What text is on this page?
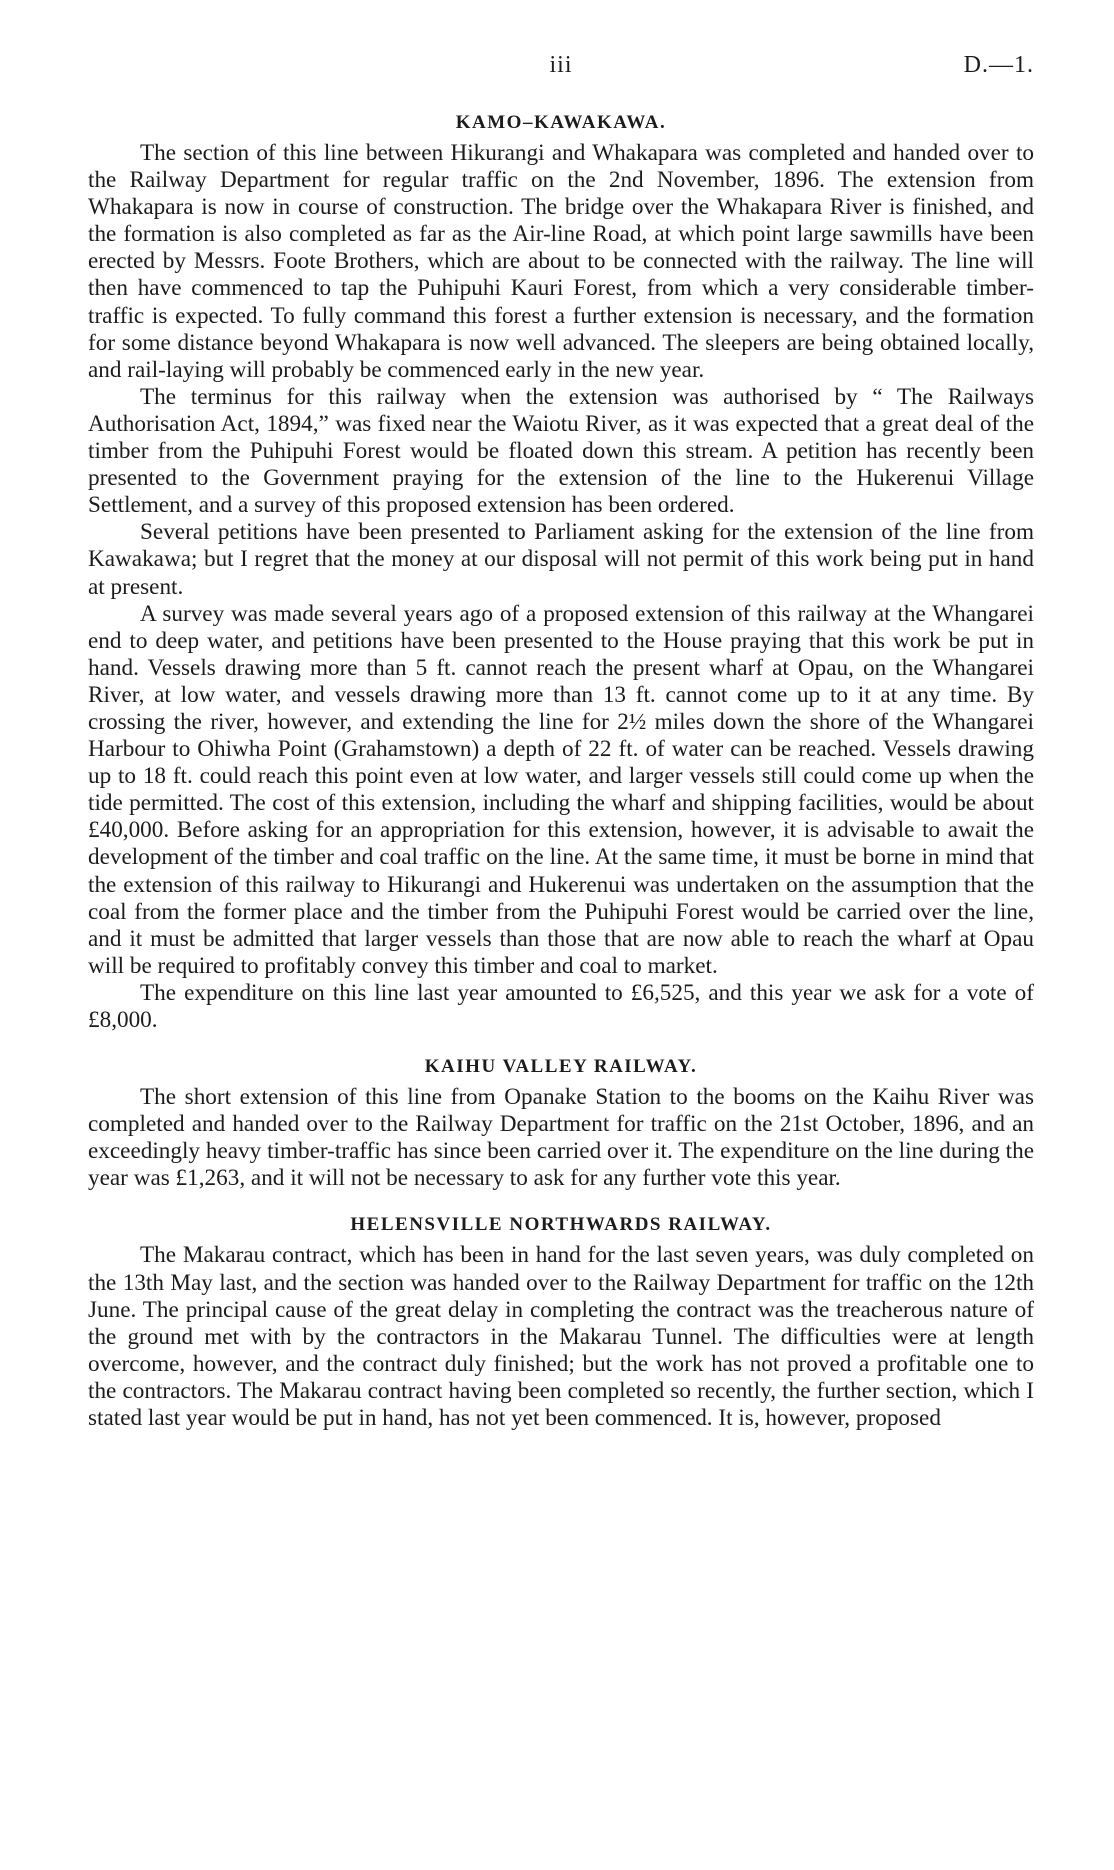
iii	D.—1.
KAMO–KAWAKAWA.

The section of this line between Hikurangi and Whakapara was completed and handed over to the Railway Department for regular traffic on the 2nd November, 1896. The extension from Whakapara is now in course of construction. The bridge over the Whakapara River is finished, and the formation is also completed as far as the Air-line Road, at which point large sawmills have been erected by Messrs. Foote Brothers, which are about to be connected with the railway. The line will then have commenced to tap the Puhipuhi Kauri Forest, from which a very considerable timber-traffic is expected. To fully command this forest a further extension is necessary, and the formation for some distance beyond Whakapara is now well advanced. The sleepers are being obtained locally, and rail-laying will probably be commenced early in the new year.

The terminus for this railway when the extension was authorised by “ The Railways Authorisation Act, 1894,” was fixed near the Waiotu River, as it was expected that a great deal of the timber from the Puhipuhi Forest would be floated down this stream. A petition has recently been presented to the Government praying for the extension of the line to the Hukerenui Village Settlement, and a survey of this proposed extension has been ordered.

Several petitions have been presented to Parliament asking for the extension of the line from Kawakawa; but I regret that the money at our disposal will not permit of this work being put in hand at present.

A survey was made several years ago of a proposed extension of this railway at the Whangarei end to deep water, and petitions have been presented to the House praying that this work be put in hand. Vessels drawing more than 5 ft. cannot reach the present wharf at Opau, on the Whangarei River, at low water, and vessels drawing more than 13 ft. cannot come up to it at any time. By crossing the river, however, and extending the line for 2½ miles down the shore of the Whangarei Harbour to Ohiwha Point (Grahamstown) a depth of 22 ft. of water can be reached. Vessels drawing up to 18 ft. could reach this point even at low water, and larger vessels still could come up when the tide permitted. The cost of this extension, including the wharf and shipping facilities, would be about £40,000. Before asking for an appropriation for this extension, however, it is advisable to await the development of the timber and coal traffic on the line. At the same time, it must be borne in mind that the extension of this railway to Hikurangi and Hukerenui was undertaken on the assumption that the coal from the former place and the timber from the Puhipuhi Forest would be carried over the line, and it must be admitted that larger vessels than those that are now able to reach the wharf at Opau will be required to profitably convey this timber and coal to market.

The expenditure on this line last year amounted to £6,525, and this year we ask for a vote of £8,000.

KAIHU VALLEY RAILWAY.

The short extension of this line from Opanake Station to the booms on the Kaihu River was completed and handed over to the Railway Department for traffic on the 21st October, 1896, and an exceedingly heavy timber-traffic has since been carried over it. The expenditure on the line during the year was £1,263, and it will not be necessary to ask for any further vote this year.

HELENSVILLE NORTHWARDS RAILWAY.

The Makarau contract, which has been in hand for the last seven years, was duly completed on the 13th May last, and the section was handed over to the Railway Department for traffic on the 12th June. The principal cause of the great delay in completing the contract was the treacherous nature of the ground met with by the contractors in the Makarau Tunnel. The difficulties were at length overcome, however, and the contract duly finished; but the work has not proved a profitable one to the contractors. The Makarau contract having been completed so recently, the further section, which I stated last year would be put in hand, has not yet been commenced. It is, however, proposed
